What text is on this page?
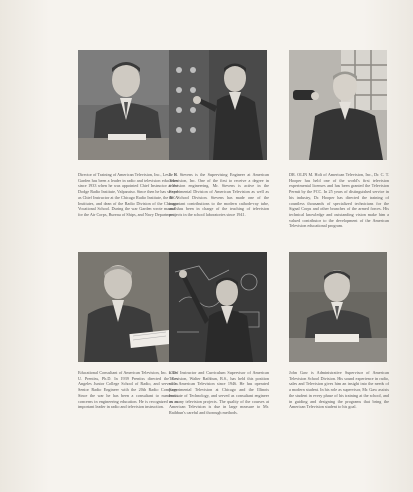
Director of Training of American Television, Inc., Leslie H. Garden has been a leader in radio and television education since 1933 when he was appointed Chief Instructor at the Dodge Radio Institute, Valparaiso. Since then he has served as Chief Instructor at the Chicago Radio Institute, the RCA Institutes, and dean of the Radio Division of the Chicago Vocational School. During the war Garden wrote manuals for the Air Corps, Bureau of Ships, and Navy Department.
J. S. Stevens is the Supervising Engineer at American Television, Inc. One of the first to receive a degree in television engineering, Mr. Stevens is active in the Experimental Division of American Television as well as the School Division. Stevens has made one of the important contributions to the modern cathode-ray tube, and has been in charge of the teaching of television projects in the school laboratories since 1941.
DR. OLIN M. Holt of American Television, Inc., Dr. C. T. Hooper has held one of the world's first television experimental licenses and has been granted the Television Permit by the FCC. In 25 years of distinguished service in his industry, Dr. Hooper has directed the training of countless thousands of specialized technicians for the Signal Corps and other branches of the armed forces. His technical knowledge and outstanding vision make him a valued contributor to the development of the American Television educational program.
Educational Consultant of American Television, Inc. is Dr. U. Prentiss, Ph.D. In 1939 Prentiss directed the Los Angeles Junior College School of Radio, and served as Senior Radio Engineer with the 20th Radio Company. Since the war he has been a consultant to numerous concerns in engineering education. He is recognized as an important leader in radio and television instruction.
Chief Instructor and Curriculum Supervisor of American Television, Walter Rathbun, B.S., has held this position with American Television since 1946. He has operated Experimental Television at Chicago and the Illinois Institute of Technology, and served as consultant engineer on many television projects. The quality of the courses at American Television is due in large measure to Mr. Rathbun's careful and thorough methods.
John Gaw is Administrative Supervisor of American Television School Division. His sound experience in radio, sales and Television gives him an insight into the needs of a modern student. In his role as supervisor, Mr. Gaw assists the student in every phase of his training at the school, and in guiding and designing the programs that bring the American Television student to his goal.
